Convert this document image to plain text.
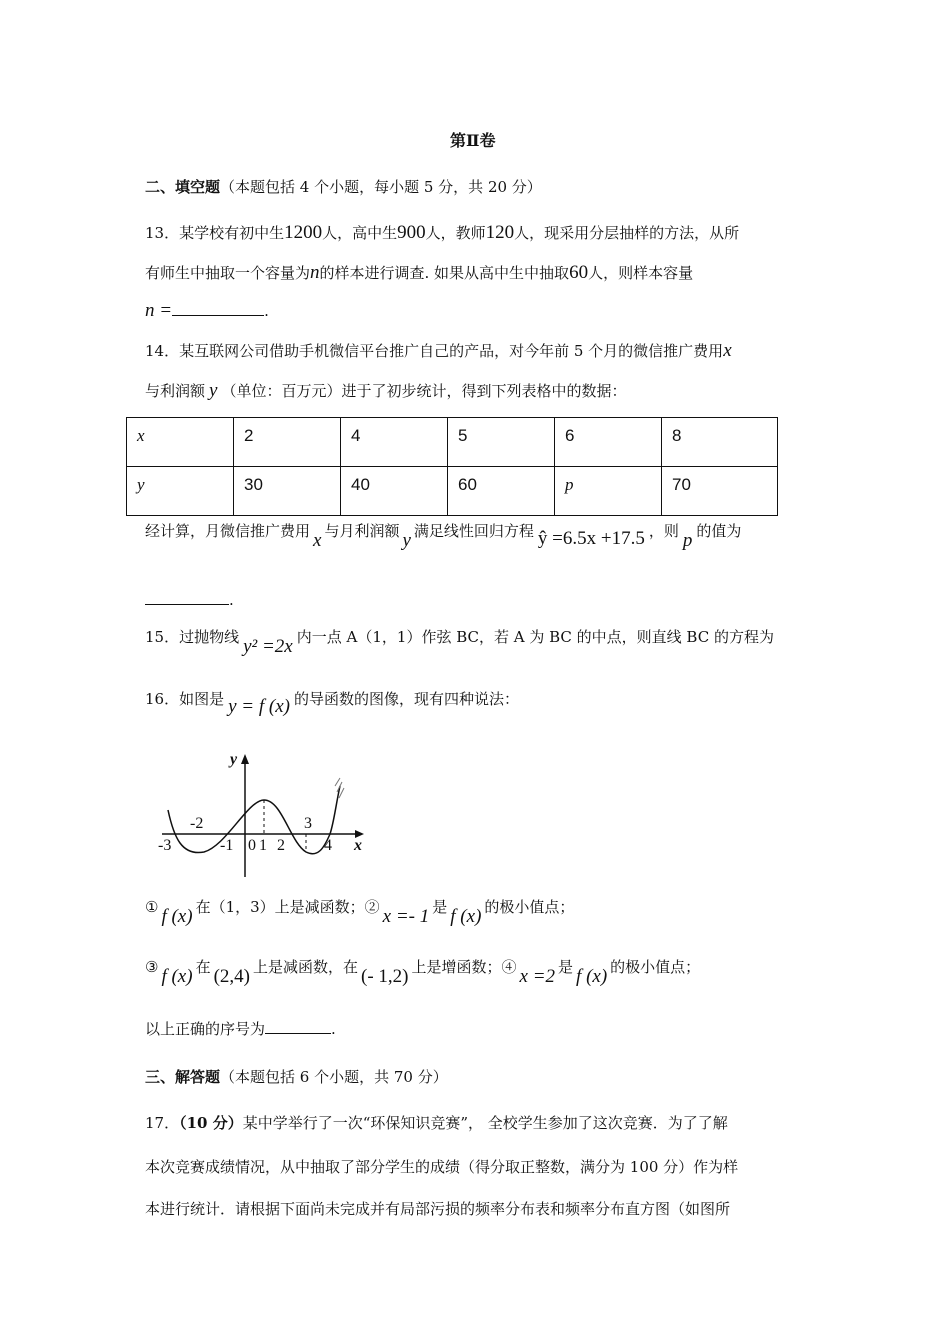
第Ⅱ卷
二、填空题（本题包括 4 个小题，每小题 5 分，共 20 分）
13．某学校有初中生1200人，高中生900人，教师120人，现采用分层抽样的方法，从所
有师生中抽取一个容量为n的样本进行调查. 如果从高中生中抽取60人，则样本容量
n =	.
14．某互联网公司借助手机微信平台推广自己的产品，对今年前 5 个月的微信推广费用x
与利润额 y （单位：百万元）进于了初步统计，得到下列表格中的数据：
x	2	4	5	6	8
y	30	40	60	p	70
经计算，月微信推广费用 x 与月利润额 y 满足线性回归方程 ŷ =6.5x +17.5 ，则 p 的值为
.
15．过抛物线 y² =2x 内一点 A（1，1）作弦 BC，若 A 为 BC 的中点，则直线 BC 的方程为
16．如图是 y = f (x) 的导函数的图像，现有四种说法：
y
x
-3
-2
-1 0 1 2
3
4
① f (x) 在（1，3）上是减函数；② x =- 1 是 f (x) 的极小值点；
③ f (x) 在 (2,4) 上是减函数，在 (- 1,2) 上是增函数；④ x =2 是 f (x) 的极小值点；
以上正确的序号为	.
三、解答题（本题包括 6 个小题，共 70 分）
17．（10 分）某中学举行了一次“环保知识竞赛”， 全校学生参加了这次竞赛．为了了解
本次竞赛成绩情况，从中抽取了部分学生的成绩（得分取正整数，满分为 100 分）作为样
本进行统计．请根据下面尚未完成并有局部污损的频率分布表和频率分布直方图（如图所
